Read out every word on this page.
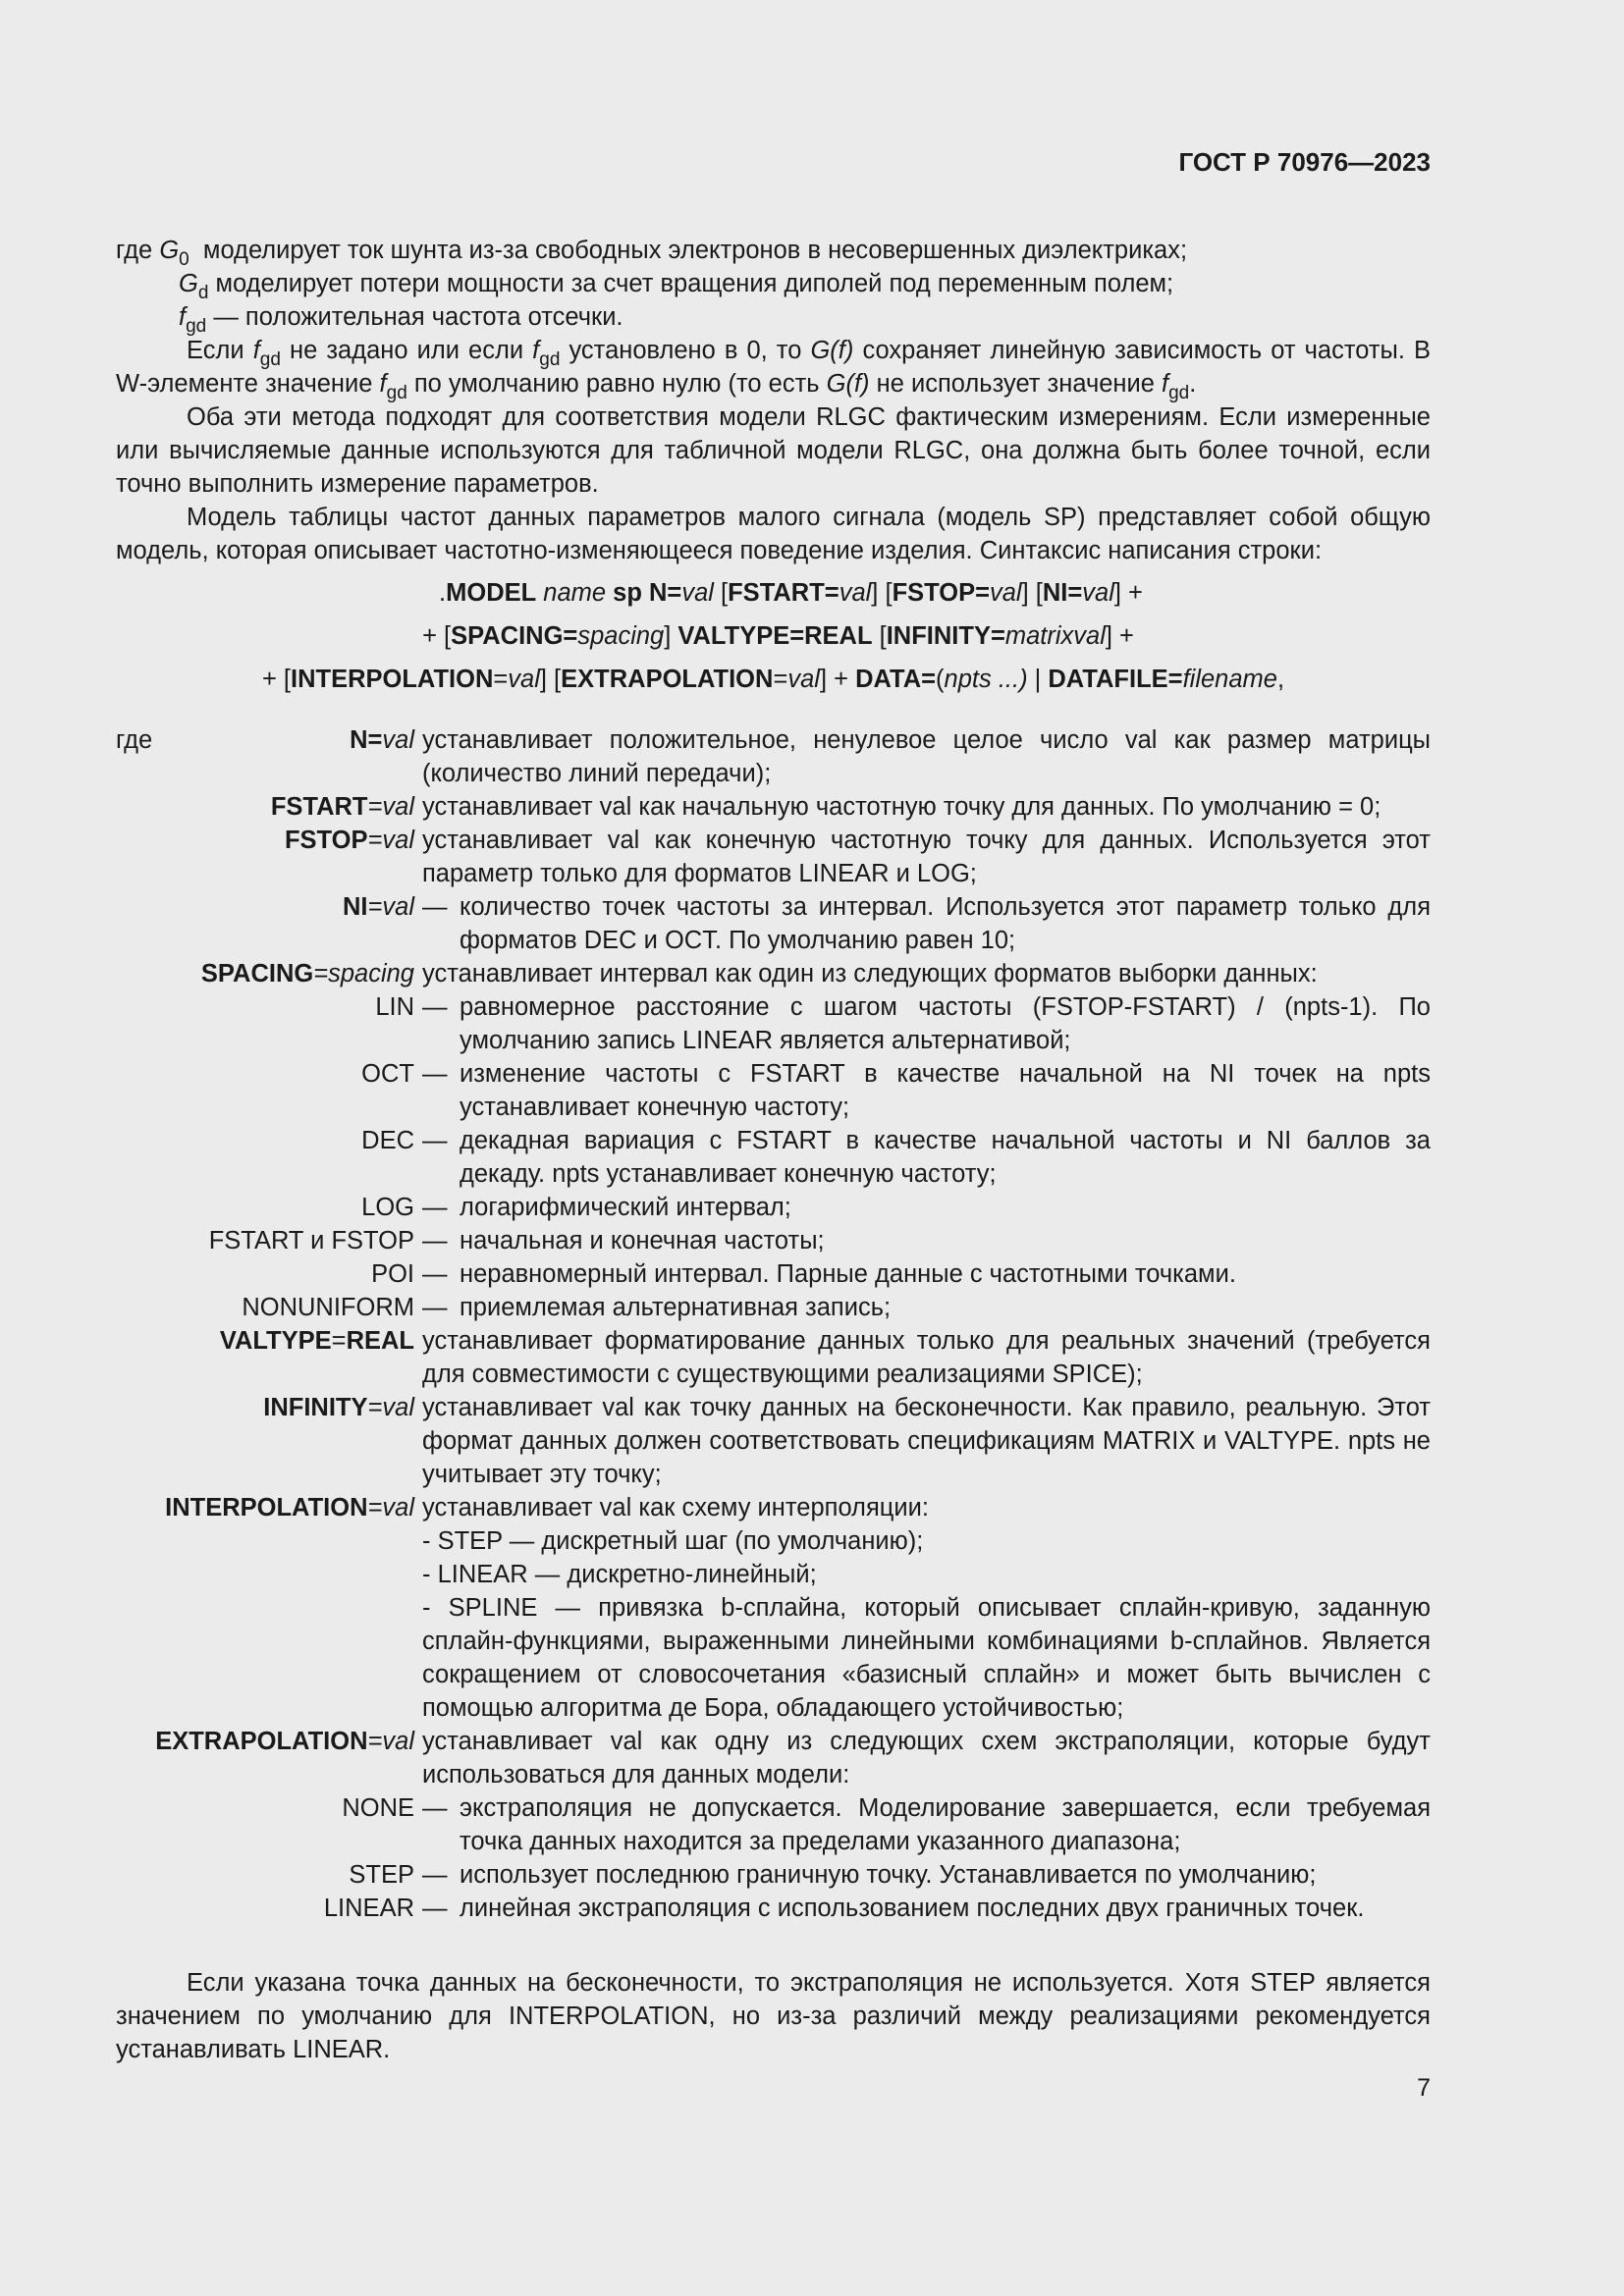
ГОСТ Р 70976—2023

где $G_0$ моделирует ток шунта из-за свободных электронов в несовершенных диэлектриках;

$G_d$ моделирует потери мощности за счет вращения диполей под переменным полем;

$f_{gd}$ — положительная частота отсечки.

Если $f_{gd}$ не задано или если $f_{gd}$ установлено в 0, то G(f) сохраняет линейную зависимость от частоты. В W-элементе значение $f_{gd}$ по умолчанию равно нулю (то есть G(f) не использует значение $f_{gd}$.

Оба эти метода подходят для соответствия модели RLGC фактическим измерениям. Если измеренные или вычисляемые данные используются для табличной модели RLGC, она должна быть более точной, если точно выполнить измерение параметров.

Модель таблицы частот данных параметров малого сигнала (модель SP) представляет собой общую модель, которая описывает частотно-изменяющееся поведение изделия. Синтаксис написания строки:

.MODEL name sp N=val [FSTART=val] [FSTOP=val] [NI=val] +
+ [SPACING=spacing] VALTYPE=REAL [INFINITY=matrixval] +
+ [INTERPOLATION=val] [EXTRAPOLATION=val] + DATA=(npts ...) | DATAFILE=filename,
где	N=val устанавливает положительное, ненулевое целое число val как размер матрицы (количество линий передачи);
FSTART=val устанавливает val как начальную частотную точку для данных. По умолчанию = 0;
FSTOP=val устанавливает val как конечную частотную точку для данных. Используется этот параметр только для форматов LINEAR и LOG;
NI=val — количество точек частоты за интервал. Используется этот параметр только для форматов DEC и OCT. По умолчанию равен 10;
SPACING=spacing устанавливает интервал как один из следующих форматов выборки данных:
LIN — равномерное расстояние с шагом частоты (FSTOP-FSTART) / (npts-1). По умолчанию запись LINEAR является альтернативой;
OCT — изменение частоты с FSTART в качестве начальной на NI точек на npts устанавливает конечную частоту;
DEC — декадная вариация с FSTART в качестве начальной частоты и NI баллов за декаду. npts устанавливает конечную частоту;
LOG — логарифмический интервал;
FSTART и FSTOP — начальная и конечная частоты;
POI — неравномерный интервал. Парные данные с частотными точками.
NONUNIFORM — приемлемая альтернативная запись;
VALTYPE=REAL устанавливает форматирование данных только для реальных значений (требуется для совместимости с существующими реализациями SPICE);
INFINITY=val устанавливает val как точку данных на бесконечности. Как правило, реальную. Этот формат данных должен соответствовать спецификациям MATRIX и VALTYPE. npts не учитывает эту точку;
INTERPOLATION=val устанавливает val как схему интерполяции:
- STEP — дискретный шаг (по умолчанию);
- LINEAR — дискретно-линейный;
- SPLINE — привязка b-сплайна, который описывает сплайн-кривую, заданную сплайн-функциями, выраженными линейными комбинациями b-сплайнов. Является сокращением от словосочетания «базисный сплайн» и может быть вычислен с помощью алгоритма де Бора, обладающего устойчивостью;
EXTRAPOLATION=val устанавливает val как одну из следующих схем экстраполяции, которые будут использоваться для данных модели:
NONE — экстраполяция не допускается. Моделирование завершается, если требуемая точка данных находится за пределами указанного диапазона;
STEP — использует последнюю граничную точку. Устанавливается по умолчанию;
LINEAR — линейная экстраполяция с использованием последних двух граничных точек.

Если указана точка данных на бесконечности, то экстраполяция не используется. Хотя STEP является значением по умолчанию для INTERPOLATION, но из-за различий между реализациями рекомендуется устанавливать LINEAR.

7
